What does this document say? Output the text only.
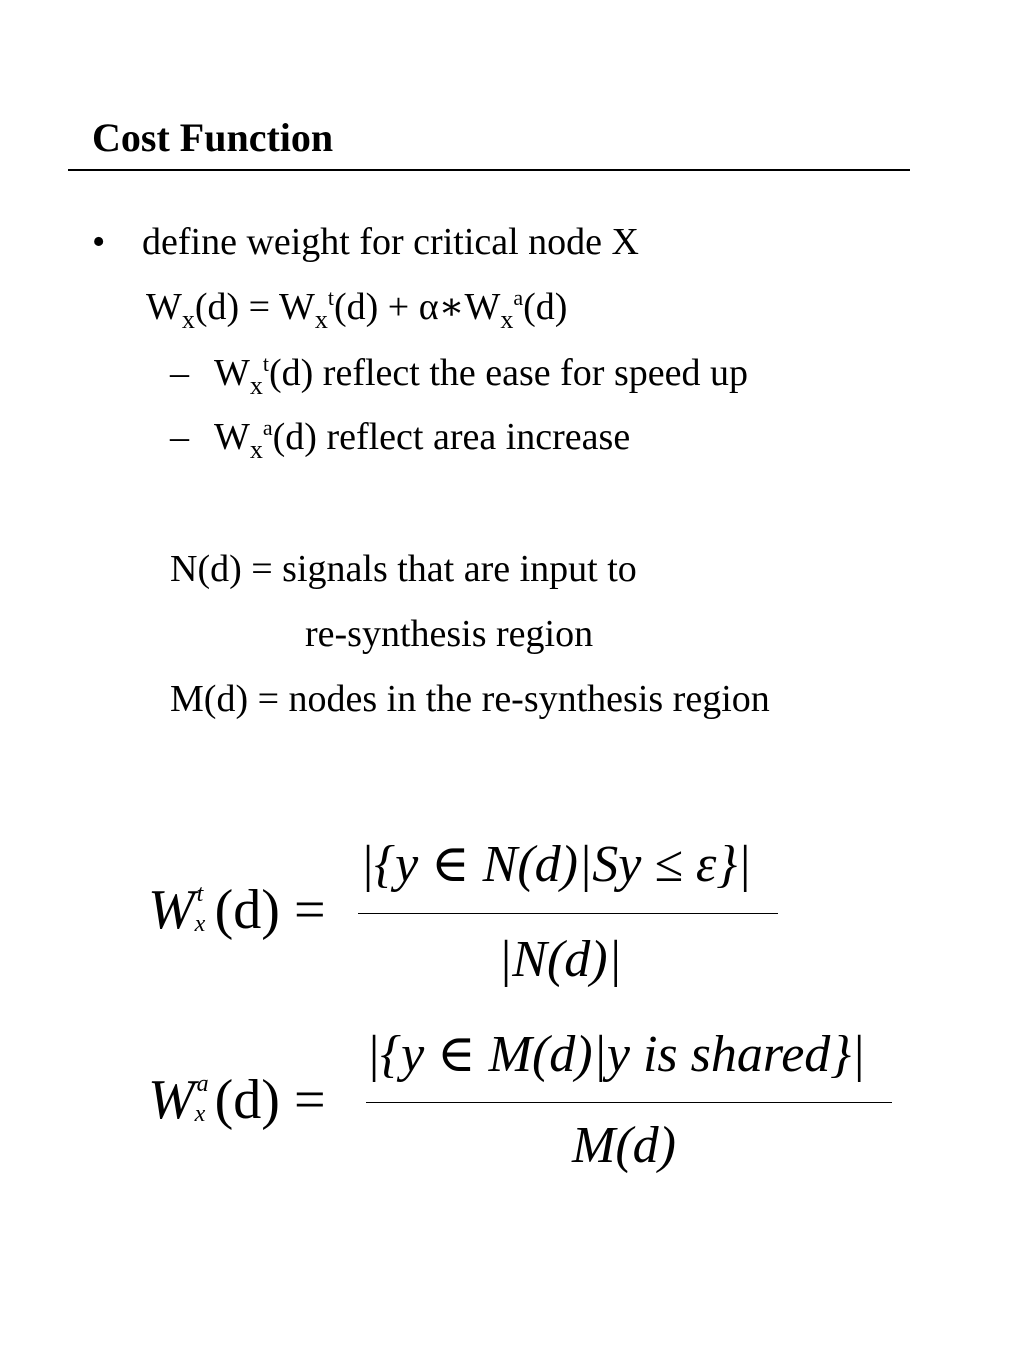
Cost Function
• define weight for critical node X
$W_x(d) = W_x^t(d)$ + $\alpha∗W_x^a(d)$
– $W_x^t(d)$ reflect the ease for speed up
– $W_x^a(d)$ reflect area increase
N(d) = signals that are input to
re-synthesis region
M(d) = nodes in the re-synthesis region
W t
x (d) =
|{y ∈ N(d)|Sy ≤ ε}|
|N(d)|
W a
x (d) =
|{y ∈ M(d)|y is shared}|
M(d)
